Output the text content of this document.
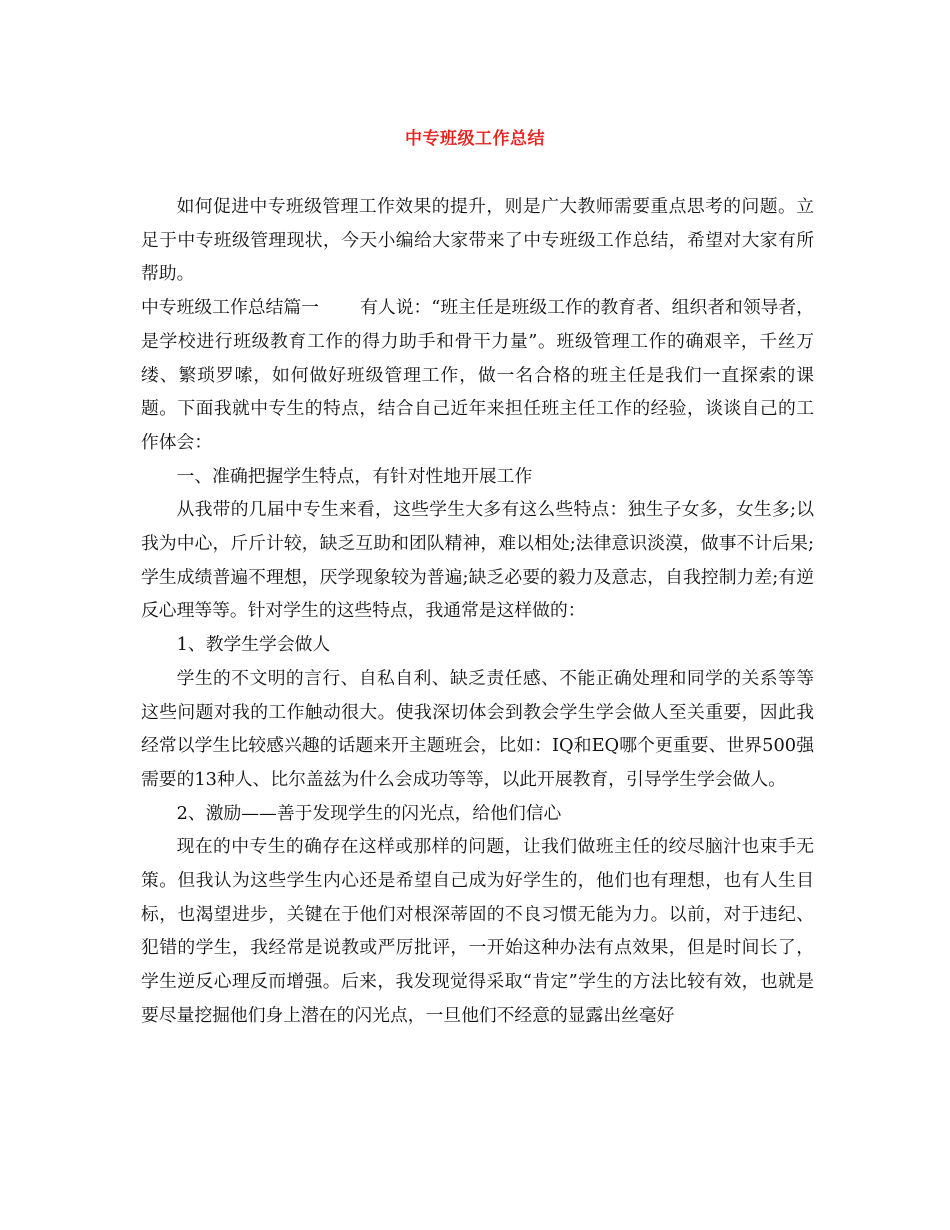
中专班级工作总结

如何促进中专班级管理工作效果的提升，则是广大教师需要重点思考的问题。立足于中专班级管理现状，今天小编给大家带来了中专班级工作总结，希望对大家有所帮助。

中专班级工作总结篇一　　 有人说：“班主任是班级工作的教育者、组织者和领导者，是学校进行班级教育工作的得力助手和骨干力量”。班级管理工作的确艰辛，千丝万缕、繁琐罗嗦，如何做好班级管理工作，做一名合格的班主任是我们一直探索的课题。下面我就中专生的特点，结合自己近年来担任班主任工作的经验，谈谈自己的工作体会：

一、准确把握学生特点，有针对性地开展工作

从我带的几届中专生来看，这些学生大多有这么些特点：独生子女多，女生多;以我为中心，斤斤计较，缺乏互助和团队精神，难以相处;法律意识淡漠，做事不计后果;学生成绩普遍不理想，厌学现象较为普遍;缺乏必要的毅力及意志，自我控制力差;有逆反心理等等。针对学生的这些特点，我通常是这样做的：

1、教学生学会做人

学生的不文明的言行、自私自利、缺乏责任感、不能正确处理和同学的关系等等这些问题对我的工作触动很大。使我深切体会到教会学生学会做人至关重要，因此我经常以学生比较感兴趣的话题来开主题班会，比如：IQ和EQ哪个更重要、世界500强需要的13种人、比尔盖兹为什么会成功等等，以此开展教育，引导学生学会做人。

2、激励——善于发现学生的闪光点，给他们信心

现在的中专生的确存在这样或那样的问题，让我们做班主任的绞尽脑汁也束手无策。但我认为这些学生内心还是希望自己成为好学生的，他们也有理想，也有人生目标，也渴望进步，关键在于他们对根深蒂固的不良习惯无能为力。以前，对于违纪、犯错的学生，我经常是说教或严厉批评，一开始这种办法有点效果，但是时间长了，学生逆反心理反而增强。后来，我发现觉得采取“肯定”学生的方法比较有效，也就是要尽量挖掘他们身上潜在的闪光点，一旦他们不经意的显露出丝毫好
